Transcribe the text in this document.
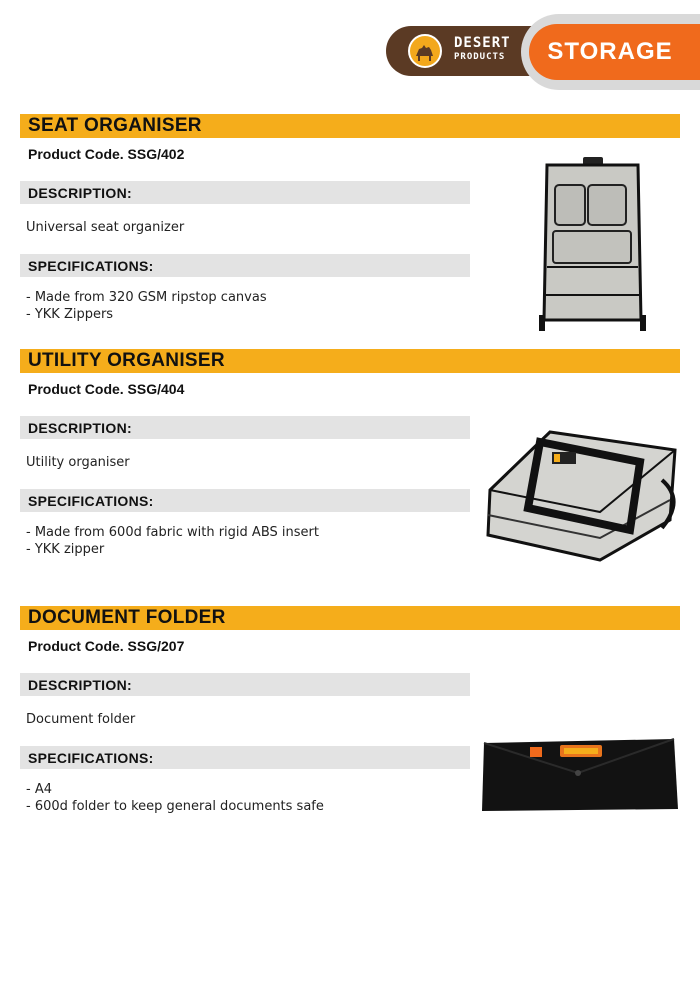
DESERT
PRODUCTS STORAGE
SEAT ORGANISER
Product Code. SSG/402
DESCRIPTION:
Universal seat organizer
SPECIFICATIONS:
- Made from 320 GSM ripstop canvas
- YKK Zippers
UTILITY ORGANISER
Product Code. SSG/404
DESCRIPTION:
Utility organiser
SPECIFICATIONS:
- Made from 600d fabric with rigid ABS insert
- YKK zipper
DOCUMENT FOLDER
Product Code. SSG/207
DESCRIPTION:
Document folder
SPECIFICATIONS:
- A4
- 600d folder to keep general documents safe
